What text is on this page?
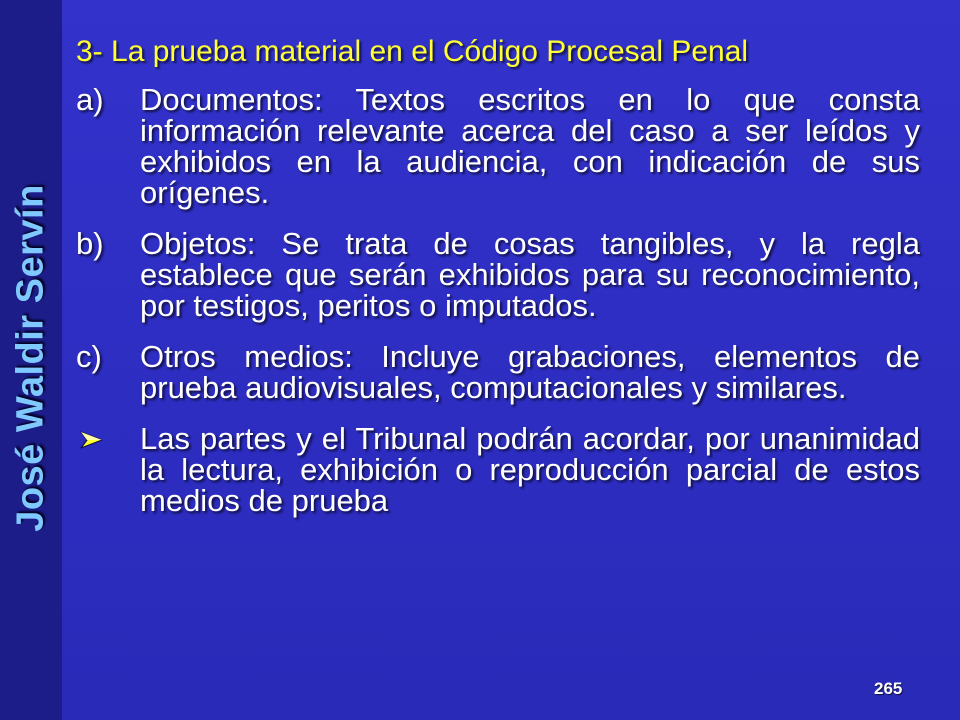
José Waldir Servín
3- La prueba material en el Código Procesal Penal
a) Documentos: Textos escritos en lo que consta información relevante acerca del caso a ser leídos y exhibidos en la audiencia, con indicación de sus orígenes.
b) Objetos: Se trata de cosas tangibles, y la regla establece que serán exhibidos para su reconocimiento, por testigos, peritos o imputados.
c) Otros medios: Incluye grabaciones, elementos de prueba audiovisuales, computacionales y similares.
Las partes y el Tribunal podrán acordar, por unanimidad la lectura, exhibición o reproducción parcial de estos medios de prueba
265
